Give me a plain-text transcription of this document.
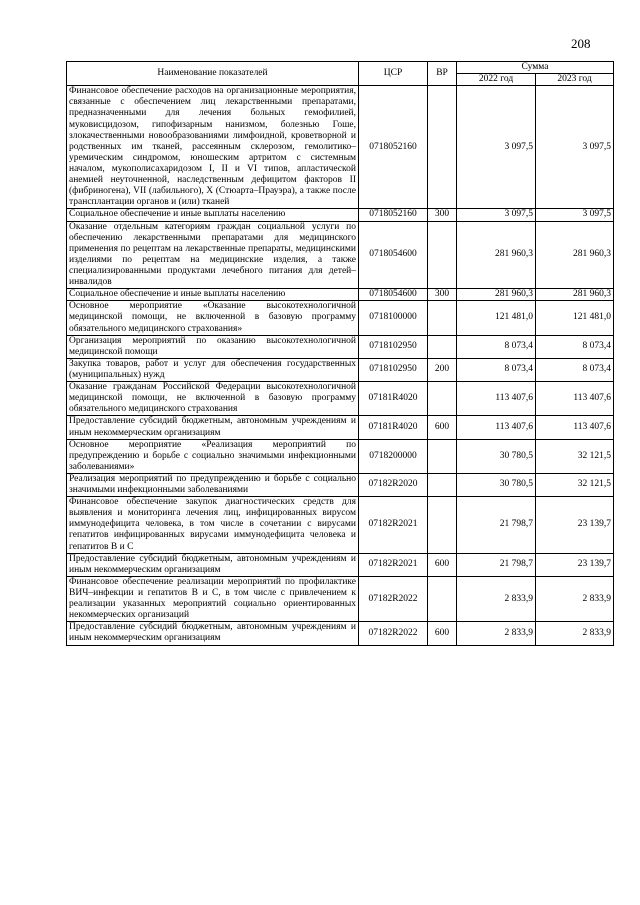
208
Наименование показателей	ЦСР	ВР	Сумма	
			2022 год	2023 год
Финансовое обеспечение расходов на организационные мероприятия, связанные с обеспечением лиц лекарственными препаратами, предназначенными для лечения больных гемофилией, муковисцидозом, гипофизарным нанизмом, болезнью Гоше, злокачественными новообразованиями лимфоидной, кроветворной и родственных им тканей, рассеянным склерозом, гемолитико–уремическим синдромом, юношеским артритом с системным началом, мукополисахаридозом I, II и VI типов, апластической анемией неуточненной, наследственным дефицитом факторов II (фибриногена), VII (лабильного), X (Стюарта–Прауэра), а также после трансплантации органов и (или) тканей	0718052160		3 097,5	3 097,5
Социальное обеспечение и иные выплаты населению	0718052160	300	3 097,5	3 097,5
Оказание отдельным категориям граждан социальной услуги по обеспечению лекарственными препаратами для медицинского применения по рецептам на лекарственные препараты, медицинскими изделиями по рецептам на медицинские изделия, а также специализированными продуктами лечебного питания для детей–инвалидов	0718054600		281 960,3	281 960,3
Социальное обеспечение и иные выплаты населению	0718054600	300	281 960,3	281 960,3
Основное мероприятие «Оказание высокотехнологичной медицинской помощи, не включенной в базовую программу обязательного медицинского страхования»	0718100000		121 481,0	121 481,0
Организация мероприятий по оказанию высокотехнологичной медицинской помощи	0718102950		8 073,4	8 073,4
Закупка товаров, работ и услуг для обеспечения государственных (муниципальных) нужд	0718102950	200	8 073,4	8 073,4
Оказание гражданам Российской Федерации высокотехнологичной медицинской помощи, не включенной в базовую программу обязательного медицинского страхования	07181R4020		113 407,6	113 407,6
Предоставление субсидий бюджетным, автономным учреждениям и иным некоммерческим организациям	07181R4020	600	113 407,6	113 407,6
Основное мероприятие «Реализация мероприятий по предупреждению и борьбе с социально значимыми инфекционными заболеваниями»	0718200000		30 780,5	32 121,5
Реализация мероприятий по предупреждению и борьбе с социально значимыми инфекционными заболеваниями	07182R2020		30 780,5	32 121,5
Финансовое обеспечение закупок диагностических средств для выявления и мониторинга лечения лиц, инфицированных вирусом иммунодефицита человека, в том числе в сочетании с вирусами гепатитов инфицированных вирусами иммунодефицита человека и гепатитов В и С	07182R2021		21 798,7	23 139,7
Предоставление субсидий бюджетным, автономным учреждениям и иным некоммерческим организациям	07182R2021	600	21 798,7	23 139,7
Финансовое обеспечение реализации мероприятий по профилактике ВИЧ–инфекции и гепатитов В и С, в том числе с привлечением к реализации указанных мероприятий социально ориентированных некоммерческих организаций	07182R2022		2 833,9	2 833,9
Предоставление субсидий бюджетным, автономным учреждениям и иным некоммерческим организациям	07182R2022	600	2 833,9	2 833,9
